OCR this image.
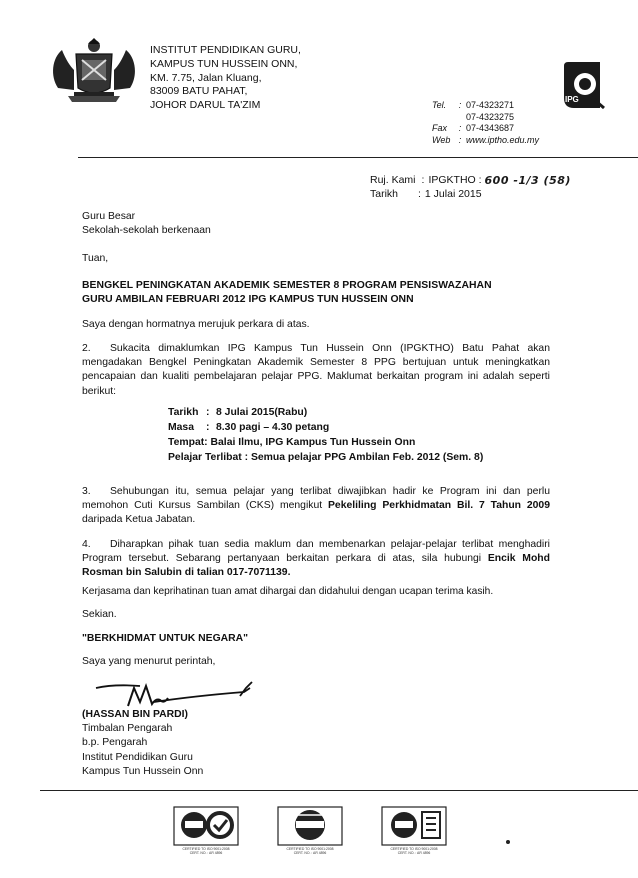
INSTITUT PENDIDIKAN GURU,
KAMPUS TUN HUSSEIN ONN,
KM. 7.75, Jalan Kluang,
83009 BATU PAHAT,
JOHOR DARUL TA'ZIM	IPG
Tel.	: 07-4323271
07-4323275
Fax	: 07-4343687
Web : www.iptho.edu.my
Ruj. Kami : IPGKTHO : 600 -1/3 (58)
Tarikh	: 1 Julai 2015
Guru Besar
Sekolah-sekolah berkenaan
Tuan,
BENGKEL PENINGKATAN AKADEMIK SEMESTER 8 PROGRAM PENSISWAZAHAN
GURU AMBILAN FEBRUARI 2012 IPG KAMPUS TUN HUSSEIN ONN
Saya dengan hormatnya merujuk perkara di atas.
2. Sukacita dimaklumkan IPG Kampus Tun Hussein Onn (IPGKTHO) Batu Pahat akan mengadakan Bengkel Peningkatan Akademik Semester 8 PPG bertujuan untuk meningkatkan pencapaian dan kualiti pembelajaran pelajar PPG. Maklumat berkaitan program ini adalah seperti berikut:
Tarikh : 8 Julai 2015(Rabu)
Masa	: 8.30 pagi – 4.30 petang
Tempat: Balai Ilmu, IPG Kampus Tun Hussein Onn
Pelajar Terlibat : Semua pelajar PPG Ambilan Feb. 2012 (Sem. 8)
3. Sehubungan itu, semua pelajar yang terlibat diwajibkan hadir ke Program ini dan perlu memohon Cuti Kursus Sambilan (CKS) mengikut Pekeliling Perkhidmatan Bil. 7 Tahun 2009 daripada Ketua Jabatan.
4. Diharapkan pihak tuan sedia maklum dan membenarkan pelajar-pelajar terlibat menghadiri Program tersebut. Sebarang pertanyaan berkaitan perkara di atas, sila hubungi Encik Mohd Rosman bin Salubin di talian 017-7071139.
Kerjasama dan keprihatinan tuan amat dihargai dan didahului dengan ucapan terima kasih.
Sekian.
"BERKHIDMAT UNTUK NEGARA"
Saya yang menurut perintah,
(HASSAN BIN PARDI)
Timbalan Pengarah
b.p. Pengarah
Institut Pendidikan Guru
Kampus Tun Hussein Onn
CERTIFIED TO ISO 9001:2008
CERT. NO. : AR 4896
CERTIFIED TO ISO 9001:2008
CERT. NO. : AR 4896
CERTIFIED TO ISO 9001:2008
CERT. NO. : AR 4896
